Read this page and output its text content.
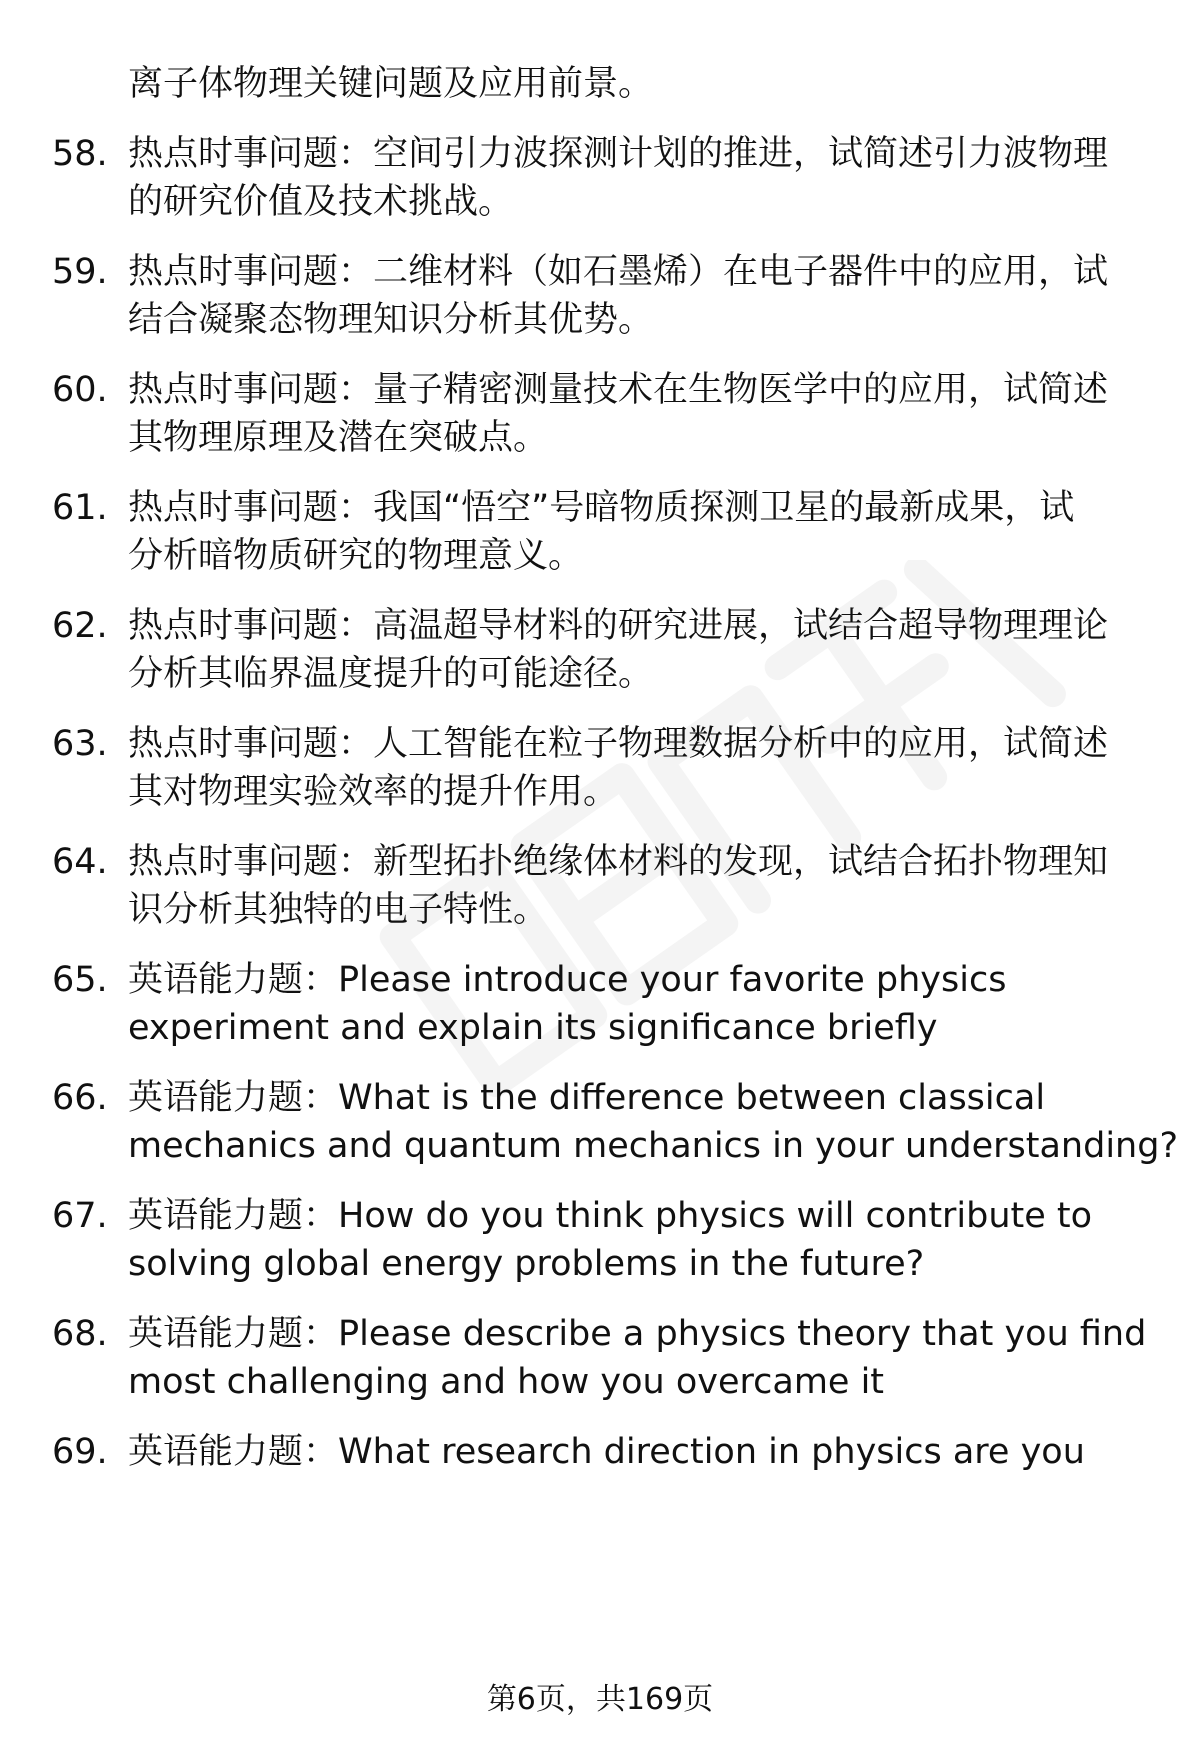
离子体物理关键问题及应用前景。
58. 热点时事问题：空间引力波探测计划的推进，试简述引力波物理
的研究价值及技术挑战。
59. 热点时事问题：二维材料（如石墨烯）在电子器件中的应用，试
结合凝聚态物理知识分析其优势。
60. 热点时事问题：量子精密测量技术在生物医学中的应用，试简述
其物理原理及潜在突破点。
61. 热点时事问题：我国“悟空”号暗物质探测卫星的最新成果，试
分析暗物质研究的物理意义。
62. 热点时事问题：高温超导材料的研究进展，试结合超导物理理论
分析其临界温度提升的可能途径。
63. 热点时事问题：人工智能在粒子物理数据分析中的应用，试简述
其对物理实验效率的提升作用。
64. 热点时事问题：新型拓扑绝缘体材料的发现，试结合拓扑物理知
识分析其独特的电子特性。
65. 英语能力题：Please introduce your favorite physics
experiment and explain its significance briefly
66. 英语能力题：What is the difference between classical
mechanics and quantum mechanics in your understanding?
67. 英语能力题：How do you think physics will contribute to
solving global energy problems in the future?
68. 英语能力题：Please describe a physics theory that you find
most challenging and how you overcame it
69. 英语能力题：What research direction in physics are you
第6页，共169页
